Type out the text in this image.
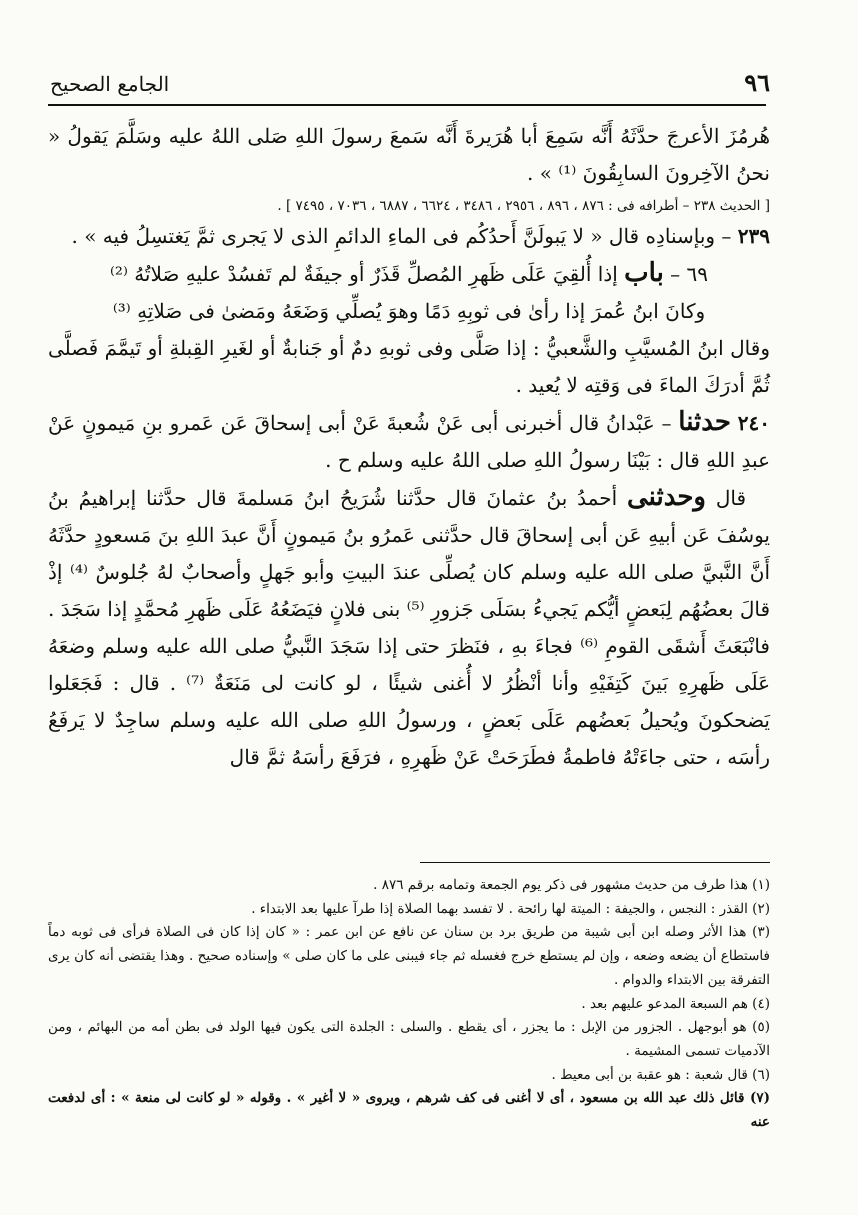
٩٦
الجامع الصحيح

هُرمُزَ الأعرجَ حدَّثَهُ أَنَّه سَمِعَ أبا هُرَيرةَ أَنَّه سَمعَ رسولَ اللهِ صَلى اللهُ عليه وسَلَّمَ يَقولُ « نحنُ الآخِرونَ السابِقُونَ ⁽¹⁾ » .

[ الحديث ٢٣٨ – أطرافه فى : ٨٧٦ ، ٨٩٦ ، ٢٩٥٦ ، ٣٤٨٦ ، ٦٦٢٤ ، ٦٨٨٧ ، ٧٠٣٦ ، ٧٤٩٥ ] .

٢٣٩ – وبإسنادِه قال « لا يَبولَنَّ أَحدُكُم فى الماءِ الدائمِ الذى لا يَجرى ثمَّ يَغتسِلُ فيه » .

٦٩ – باب إذا أُلقِيَ عَلَى ظَهرِ المُصلِّ قَذَرٌ أو جيفَةٌ لم تَفسُدْ عليهِ صَلاتُهُ ⁽²⁾

وكانَ ابنُ عُمرَ إذا رأىٰ فى ثوبِهِ دَمًا وهوَ يُصلِّي وَضَعَهُ ومَضىٰ فى صَلاتِهِ ⁽³⁾

وقال ابنُ المُسيَّبِ والشَّعبيُّ : إذا صَلَّى وفى ثوبهِ دمٌ أو جَنابةٌ أو لغَيرِ القِبلةِ أو تَيمَّمَ فَصلَّى ثُمَّ أدرَكَ الماءَ فى وَقتِه لا يُعيد .

٢٤٠ حدثنا – عَبْدانُ قال أخبرنى أبى عَنْ شُعبةَ عَنْ أبى إسحاقَ عَن عَمرو بنِ مَيمونٍ عَنْ عبدِ اللهِ قال : بَيْنَا رسولُ اللهِ صلى اللهُ عليه وسلم ح .

قال وحدثنى أحمدُ بنُ عثمانَ قال حدَّثنا شُرَيحُ ابنُ مَسلمةَ قال حدَّثنا إبراهيمُ بنُ يوسُفَ عَن أبيهِ عَن أبى إسحاقَ قال حدَّثنى عَمرُو بنُ مَيمونٍ أَنَّ عبدَ اللهِ بنَ مَسعودٍ حدَّثَهُ أَنَّ النَّبيَّ صلى الله عليه وسلم كان يُصلِّى عندَ البيتِ وأبو جَهلٍ وأصحابٌ لهُ جُلوسٌ ⁽⁴⁾ إذْ قالَ بعضُهُم لِبَعضٍ أيُّكم يَجيءُ بسَلَى جَزورِ ⁽⁵⁾ بنى فلانٍ فيَضَعُهُ عَلَى ظَهرِ مُحمَّدٍ إذا سَجَدَ . فانْبَعَثَ أَشقَى القومِ ⁽⁶⁾ فجاءَ بهِ ، فنَظرَ حتى إذا سَجَدَ النَّبيُّ صلى الله عليه وسلم وضعَهُ عَلَى ظَهرِهِ بَينَ كَتِفَيْهِ وأنا أنْظُرُ لا أُغنى شيئًا ، لو كانت لى مَنَعَةٌ ⁽⁷⁾ . قال : فَجَعَلوا يَضحكونَ ويُحيلُ بَعضُهم عَلَى بَعضٍ ، ورسولُ اللهِ صلى الله عليه وسلم ساجِدٌ لا يَرفَعُ رأسَه ، حتى جاءَتْهُ فاطمةُ فطَرَحَتْ عَنْ ظَهرِهِ ، فرَفَعَ رأسَهُ ثمَّ قال

(١) هذا طرف من حديث مشهور فى ذكر يوم الجمعة وتمامه برقم ٨٧٦ .

(٢) القذر : النجس ، والجيفة : الميتة لها رائحة . لا تفسد بهما الصلاة إذا طرآ عليها بعد الابتداء .

(٣) هذا الأثر وصله ابن أبى شيبة من طريق برد بن سنان عن نافع عن ابن عمر : « كان إذا كان فى الصلاة فرأى فى ثوبه دماً فاستطاع أن يضعه وضعه ، وإن لم يستطع خرج فغسله ثم جاء فيبنى على ما كان صلى » وإسناده صحيح . وهذا يقتضى أنه كان يرى التفرقة بين الابتداء والدوام .

(٤) هم السبعة المدعو عليهم بعد .

(٥) هو أبوجهل . الجزور من الإبل : ما يجزر ، أى يقطع . والسلى : الجلدة التى يكون فيها الولد فى بطن أمه من البهائم ، ومن الآدميات تسمى المشيمة .

(٦) قال شعبة : هو عقبة بن أبى معيط .

(٧) قائل ذلك عبد الله بن مسعود ، أى لا أغنى فى كف شرهم ، ويروى « لا أغير » . وقوله « لو كانت لى منعة » : أى لدفعت عنه
